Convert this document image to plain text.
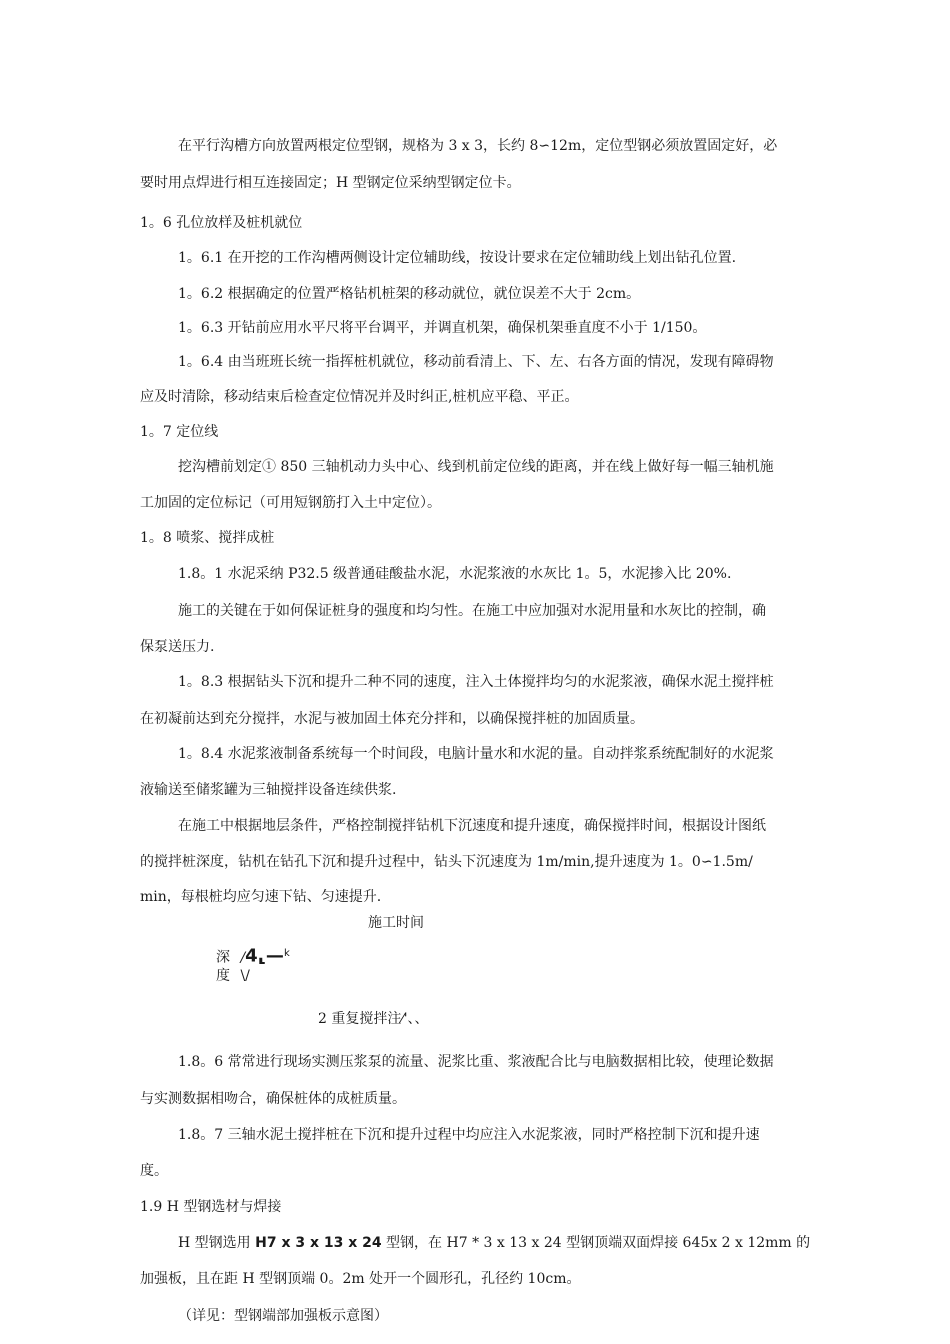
在平行沟槽方向放置两根定位型钢，规格为 3 x 3，长约 8∽12m，定位型钢必须放置固定好，必
要时用点焊进行相互连接固定；H 型钢定位采纳型钢定位卡。
1。6 孔位放样及桩机就位
1。6.1 在开挖的工作沟槽两侧设计定位辅助线，按设计要求在定位辅助线上划出钻孔位置.
1。6.2 根据确定的位置严格钻机桩架的移动就位，就位误差不大于 2cm。
1。6.3 开钻前应用水平尺将平台调平，并调直机架，确保机架垂直度不小于 1/150。
1。6.4 由当班班长统一指挥桩机就位，移动前看清上、下、左、右各方面的情况，发现有障碍物
应及时清除，移动结束后检查定位情况并及时纠正,桩机应平稳、平正。
1。7 定位线
挖沟槽前划定① 850 三轴机动力头中心、线到机前定位线的距离，并在线上做好每一幅三轴机施
工加固的定位标记（可用短钢筋打入土中定位）。
1。8 喷浆、搅拌成桩
1.8。1 水泥采纳 P32.5 级普通硅酸盐水泥，水泥浆液的水灰比 1。5，水泥掺入比 20%.
施工的关键在于如何保证桩身的强度和均匀性。在施工中应加强对水泥用量和水灰比的控制，确
保泵送压力.
1。8.3 根据钻头下沉和提升二种不同的速度，注入土体搅拌均匀的水泥浆液，确保水泥土搅拌桩
在初凝前达到充分搅拌，水泥与被加固土体充分拌和，以确保搅拌桩的加固质量。
1。8.4 水泥浆液制备系统每一个时间段，电脑计量水和水泥的量。自动拌浆系统配制好的水泥浆
液输送至储浆罐为三轴搅拌设备连续供浆.
在施工中根据地层条件，严格控制搅拌钻机下沉速度和提升速度，确保搅拌时间，根据设计图纸
的搅拌桩深度，钻机在钻孔下沉和提升过程中，钻头下沉速度为 1m/min,提升速度为 1。0∽1.5m/
min，每根桩均应匀速下钻、匀速提升.
施工时间
深 /4⸤—$^k$
度 \/
2 重复搅拌注⁄'、、
1.8。6 常常进行现场实测压浆泵的流量、泥浆比重、浆液配合比与电脑数据相比较，使理论数据
与实测数据相吻合，确保桩体的成桩质量。
1.8。7 三轴水泥土搅拌桩在下沉和提升过程中均应注入水泥浆液，同时严格控制下沉和提升速
度。
1.9 H 型钢选材与焊接
H 型钢选用 H7 x 3 x 13 x 24 型钢，在 H7 * 3 x 13 x 24 型钢顶端双面焊接 645x 2 x 12mm 的
加强板，且在距 H 型钢顶端 0。2m 处开一个圆形孔，孔径约 10cm。
（详见：型钢端部加强板示意图）
